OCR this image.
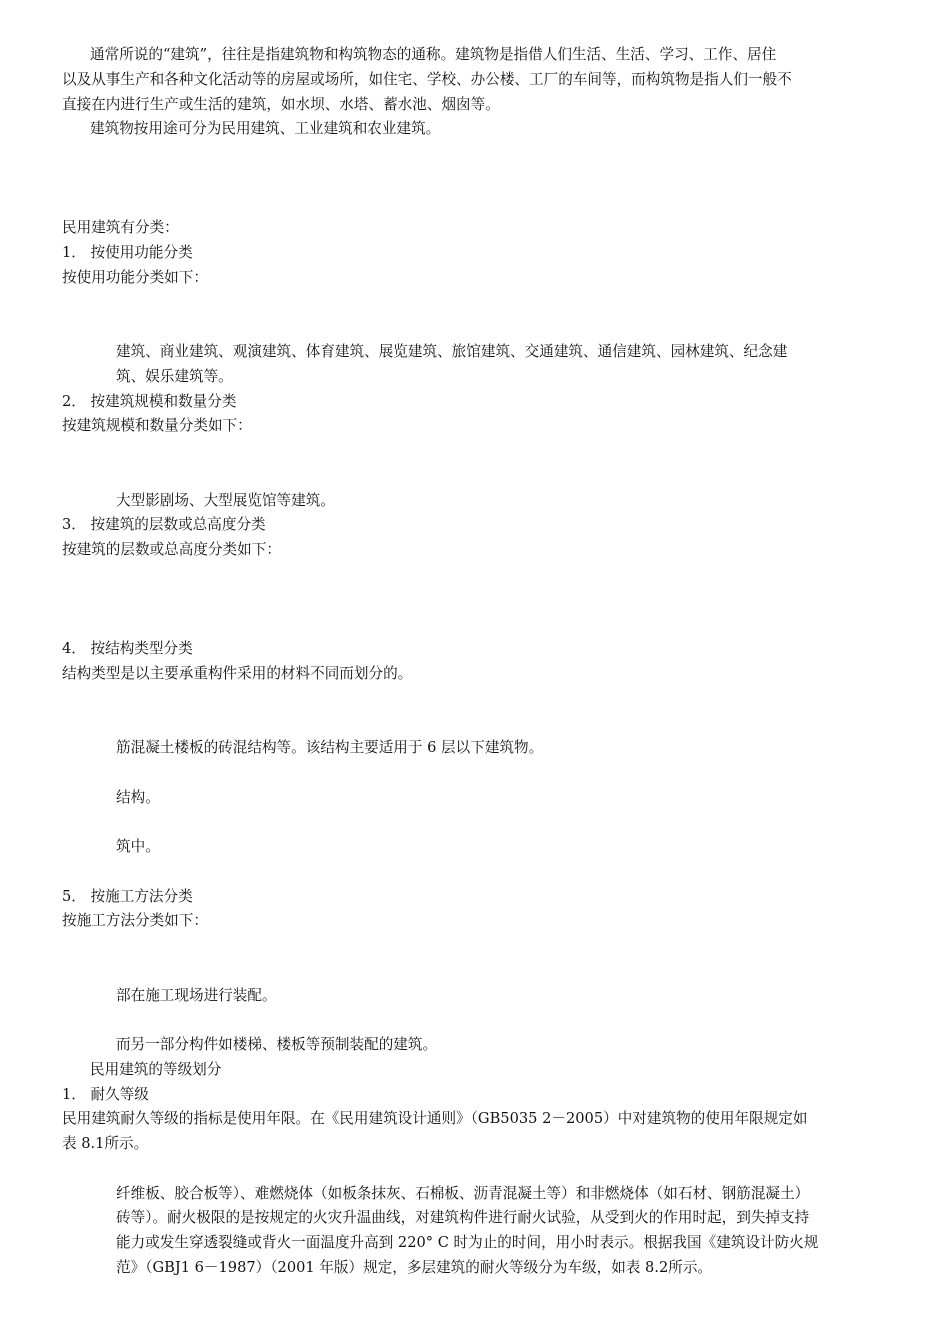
通常所说的“建筑”，往往是指建筑物和构筑物态的通称。建筑物是指借人们生活、生活、学习、工作、居住
以及从事生产和各种文化活动等的房屋或场所，如住宅、学校、办公楼、工厂的车间等，而构筑物是指人们一般不
直接在内进行生产或生活的建筑，如水坝、水塔、蓄水池、烟囱等。
建筑物按用途可分为民用建筑、工业建筑和农业建筑。
民用建筑有分类：
1． 按使用功能分类
按使用功能分类如下：
建筑、商业建筑、观演建筑、体育建筑、展览建筑、旅馆建筑、交通建筑、通信建筑、园林建筑、纪念建
筑、娱乐建筑等。
2． 按建筑规模和数量分类
按建筑规模和数量分类如下：
大型影剧场、大型展览馆等建筑。
3． 按建筑的层数或总高度分类
按建筑的层数或总高度分类如下：
4． 按结构类型分类
结构类型是以主要承重构件采用的材料不同而划分的。
筋混凝土楼板的砖混结构等。该结构主要适用于 6 层以下建筑物。
结构。
筑中。
5． 按施工方法分类
按施工方法分类如下：
部在施工现场进行装配。
而另一部分构件如楼梯、楼板等预制装配的建筑。
民用建筑的等级划分
1． 耐久等级
民用建筑耐久等级的指标是使用年限。在《民用建筑设计通则》（GB5035 2－2005）中对建筑物的使用年限规定如
表 8.1所示。
纤维板、胶合板等）、难燃烧体（如板条抹灰、石棉板、沥青混凝土等）和非燃烧体（如石材、钢筋混凝土）
砖等）。耐火极限的是按规定的火灾升温曲线，对建筑构件进行耐火试验，从受到火的作用时起，到失掉支持
能力或发生穿透裂缝或背火一面温度升高到 220° C 时为止的时间，用小时表示。根据我国《建筑设计防火规
范》（GBJ1 6－1987）（2001 年版）规定，多层建筑的耐火等级分为车级，如表 8.2所示。
